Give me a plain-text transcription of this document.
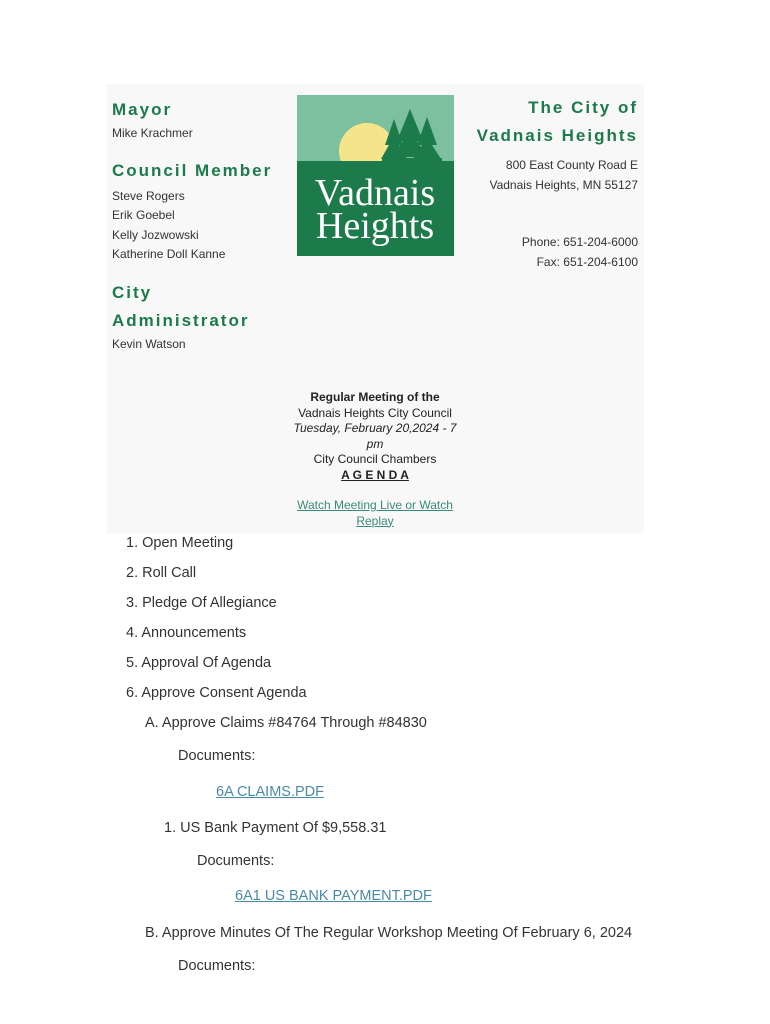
Mayor
Mike Krachmer
Council Member
Steve Rogers
Erik Goebel
Kelly Jozwowski
Katherine Doll Kanne
City
Administrator
Kevin Watson
Vadnais
Heights
The City of
Vadnais Heights
800 East County Road E
Vadnais Heights, MN 55127
Phone: 651-204-6000
Fax: 651-204-6100
Regular Meeting of the
Vadnais Heights City Council
Tuesday, February 20,2024 - 7
pm
City Council Chambers
A G E N D A
Watch Meeting Live or Watch
Replay
1. Open Meeting
2. Roll Call
3. Pledge Of Allegiance
4. Announcements
5. Approval Of Agenda
6. Approve Consent Agenda
A. Approve Claims #84764 Through #84830
Documents:
6A CLAIMS.PDF
1. US Bank Payment Of $9,558.31
Documents:
6A1 US BANK PAYMENT.PDF
B. Approve Minutes Of The Regular Workshop Meeting Of February 6, 2024
Documents:
